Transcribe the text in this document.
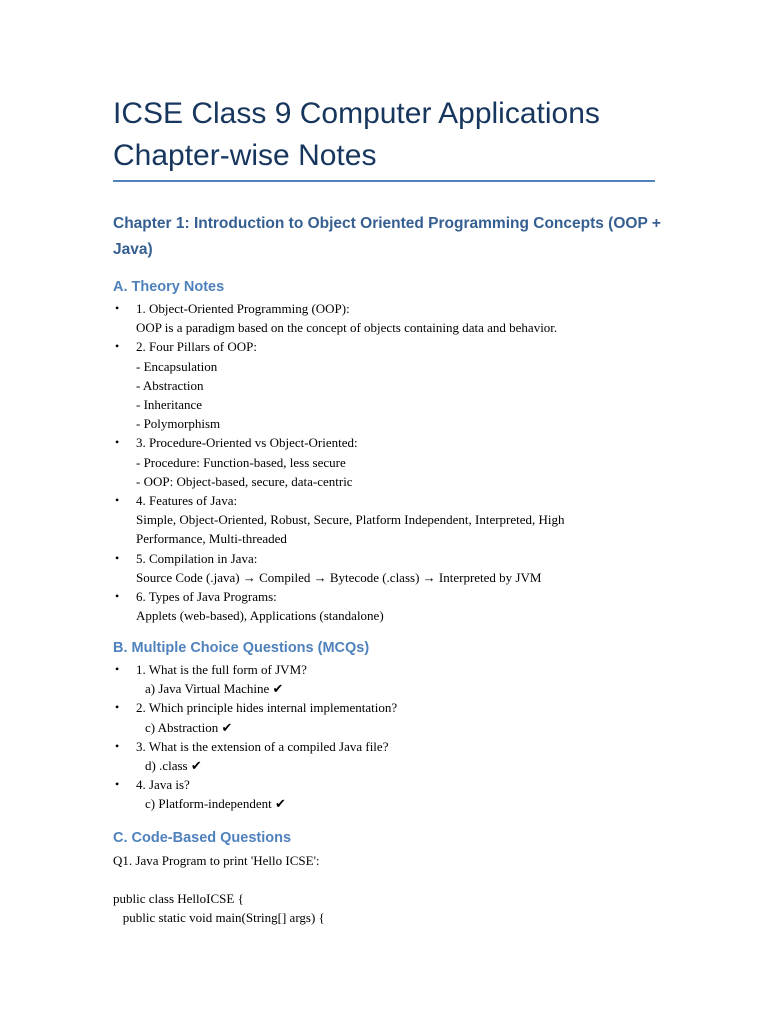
ICSE Class 9 Computer Applications
Chapter-wise Notes
Chapter 1: Introduction to Object Oriented Programming Concepts (OOP + Java)
A. Theory Notes
• 1. Object-Oriented Programming (OOP):
OOP is a paradigm based on the concept of objects containing data and behavior.
• 2. Four Pillars of OOP:
- Encapsulation
- Abstraction
- Inheritance
- Polymorphism
• 3. Procedure-Oriented vs Object-Oriented:
- Procedure: Function-based, less secure
- OOP: Object-based, secure, data-centric
• 4. Features of Java:
Simple, Object-Oriented, Robust, Secure, Platform Independent, Interpreted, High
Performance, Multi-threaded
• 5. Compilation in Java:
Source Code (.java) → Compiled → Bytecode (.class) → Interpreted by JVM
• 6. Types of Java Programs:
Applets (web-based), Applications (standalone)
B. Multiple Choice Questions (MCQs)
• 1. What is the full form of JVM?
a) Java Virtual Machine ✔
• 2. Which principle hides internal implementation?
c) Abstraction ✔
• 3. What is the extension of a compiled Java file?
d) .class ✔
• 4. Java is?
c) Platform-independent ✔
C. Code-Based Questions
Q1. Java Program to print 'Hello ICSE':
public class HelloICSE {
public static void main(String[] args) {
